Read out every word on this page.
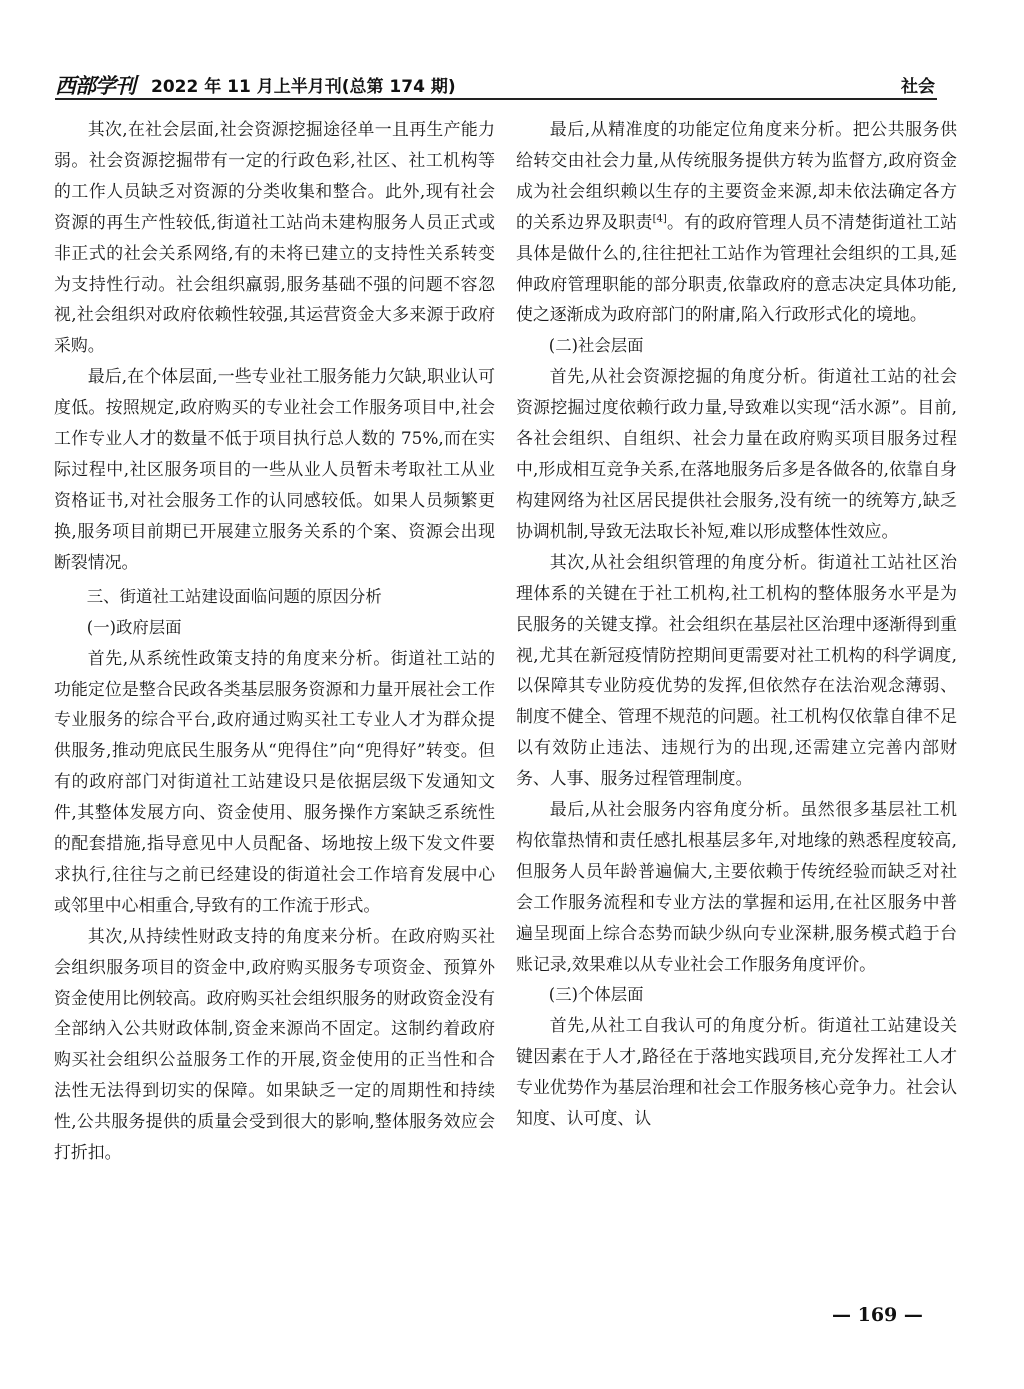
西部学刊 2022 年 11 月上半月刊(总第 174 期)	社会

其次,在社会层面,社会资源挖掘途径单一且再生产能力弱。社会资源挖掘带有一定的行政色彩,社区、社工机构等的工作人员缺乏对资源的分类收集和整合。此外,现有社会资源的再生产性较低,街道社工站尚未建构服务人员正式或非正式的社会关系网络,有的未将已建立的支持性关系转变为支持性行动。社会组织羸弱,服务基础不强的问题不容忽视,社会组织对政府依赖性较强,其运营资金大多来源于政府采购。

最后,在个体层面,一些专业社工服务能力欠缺,职业认可度低。按照规定,政府购买的专业社会工作服务项目中,社会工作专业人才的数量不低于项目执行总人数的 75%,而在实际过程中,社区服务项目的一些从业人员暂未考取社工从业资格证书,对社会服务工作的认同感较低。如果人员频繁更换,服务项目前期已开展建立服务关系的个案、资源会出现断裂情况。

三、街道社工站建设面临问题的原因分析
(一)政府层面

首先,从系统性政策支持的角度来分析。街道社工站的功能定位是整合民政各类基层服务资源和力量开展社会工作专业服务的综合平台,政府通过购买社工专业人才为群众提供服务,推动兜底民生服务从“兜得住”向“兜得好”转变。但有的政府部门对街道社工站建设只是依据层级下发通知文件,其整体发展方向、资金使用、服务操作方案缺乏系统性的配套措施,指导意见中人员配备、场地按上级下发文件要求执行,往往与之前已经建设的街道社会工作培育发展中心或邻里中心相重合,导致有的工作流于形式。

其次,从持续性财政支持的角度来分析。在政府购买社会组织服务项目的资金中,政府购买服务专项资金、预算外资金使用比例较高。政府购买社会组织服务的财政资金没有全部纳入公共财政体制,资金来源尚不固定。这制约着政府购买社会组织公益服务工作的开展,资金使用的正当性和合法性无法得到切实的保障。如果缺乏一定的周期性和持续性,公共服务提供的质量会受到很大的影响,整体服务效应会打折扣。

最后,从精准度的功能定位角度来分析。把公共服务供给转交由社会力量,从传统服务提供方转为监督方,政府资金成为社会组织赖以生存的主要资金来源,却未依法确定各方的关系边界及职责[4]。有的政府管理人员不清楚街道社工站具体是做什么的,往往把社工站作为管理社会组织的工具,延伸政府管理职能的部分职责,依靠政府的意志决定具体功能,使之逐渐成为政府部门的附庸,陷入行政形式化的境地。

(二)社会层面

首先,从社会资源挖掘的角度分析。街道社工站的社会资源挖掘过度依赖行政力量,导致难以实现“活水源”。目前,各社会组织、自组织、社会力量在政府购买项目服务过程中,形成相互竞争关系,在落地服务后多是各做各的,依靠自身构建网络为社区居民提供社会服务,没有统一的统筹方,缺乏协调机制,导致无法取长补短,难以形成整体性效应。

其次,从社会组织管理的角度分析。街道社工站社区治理体系的关键在于社工机构,社工机构的整体服务水平是为民服务的关键支撑。社会组织在基层社区治理中逐渐得到重视,尤其在新冠疫情防控期间更需要对社工机构的科学调度,以保障其专业防疫优势的发挥,但依然存在法治观念薄弱、制度不健全、管理不规范的问题。社工机构仅依靠自律不足以有效防止违法、违规行为的出现,还需建立完善内部财务、人事、服务过程管理制度。

最后,从社会服务内容角度分析。虽然很多基层社工机构依靠热情和责任感扎根基层多年,对地缘的熟悉程度较高,但服务人员年龄普遍偏大,主要依赖于传统经验而缺乏对社会工作服务流程和专业方法的掌握和运用,在社区服务中普遍呈现面上综合态势而缺少纵向专业深耕,服务模式趋于台账记录,效果难以从专业社会工作服务角度评价。

(三)个体层面

首先,从社工自我认可的角度分析。街道社工站建设关键因素在于人才,路径在于落地实践项目,充分发挥社工人才专业优势作为基层治理和社会工作服务核心竞争力。社会认知度、认可度、认

— 169 —
